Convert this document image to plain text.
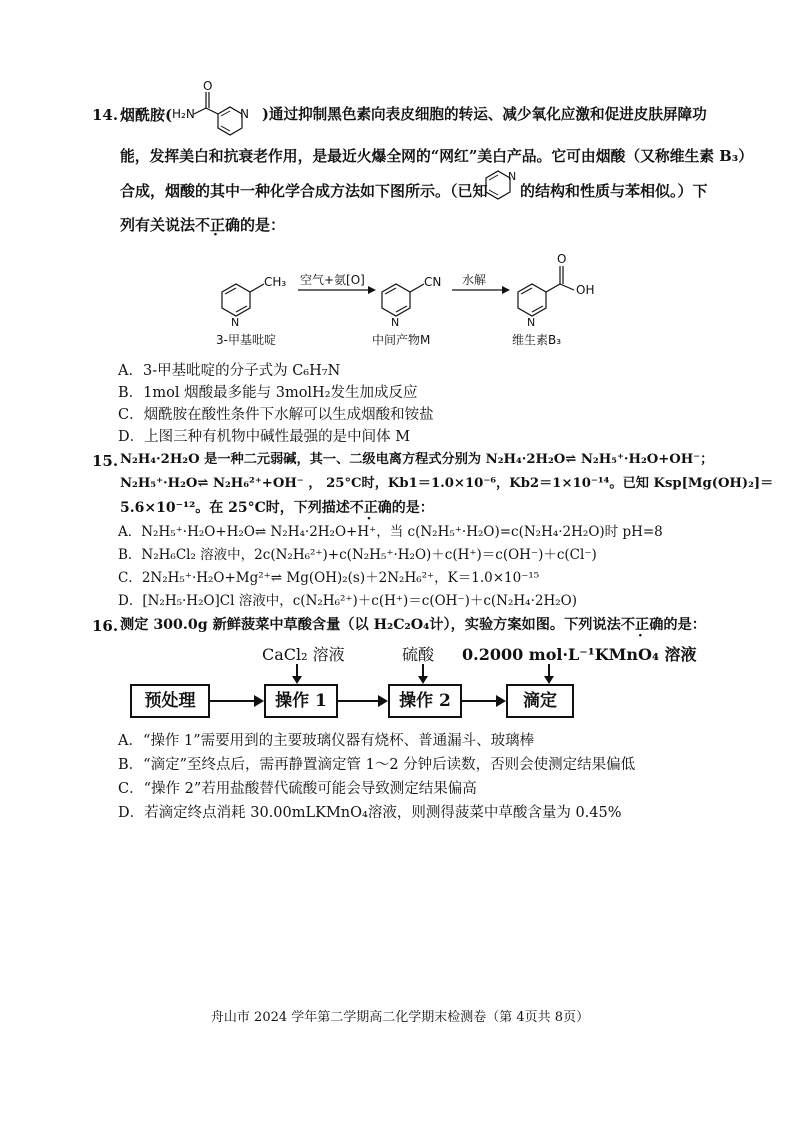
14. 烟酰胺( H₂N
O
N )通过抑制黑色素向表皮细胞的转运、减少氧化应激和促进皮肤屏障功
能，发挥美白和抗衰老作用，是最近火爆全网的“网红”美白产品。它可由烟酸（又称维生素 B₃）
合成，烟酸的其中一种化学合成方法如下图所示。（已知
N
的结构和性质与苯相似。）下
列有关说法不正确的是：
CH₃
N
空气+氨[O]	CN
N
水解
O
OH
N
3-甲基吡啶	中间产物M	维生素B₃
A．3-甲基吡啶的分子式为 C₆H₇N
B．1mol 烟酸最多能与 3molH₂发生加成反应
C．烟酰胺在酸性条件下水解可以生成烟酸和铵盐
D．上图三种有机物中碱性最强的是中间体 M
15. N₂H₄·2H₂O 是一种二元弱碱，其一、二级电离方程式分别为 N₂H₄·2H₂O⇌ N₂H₅⁺·H₂O+OH⁻；
N₂H₅⁺·H₂O⇌ N₂H₆²⁺+OH⁻ ， 25°C时，Kb1＝1.0×10⁻⁶，Kb2＝1×10⁻¹⁴。已知 Ksp[Mg(OH)₂]＝
5.6×10⁻¹²。在 25°C时，下列描述不正确的是：
A．N₂H₅⁺·H₂O+H₂O⇌ N₂H₄·2H₂O+H⁺，当 c(N₂H₅⁺·H₂O)=c(N₂H₄·2H₂O)时 pH=8
B．N₂H₆Cl₂ 溶液中，2c(N₂H₆²⁺)+c(N₂H₅⁺·H₂O)＋c(H⁺)＝c(OH⁻)＋c(Cl⁻)
C．2N₂H₅⁺·H₂O+Mg²⁺⇌ Mg(OH)₂(s)＋2N₂H₆²⁺，K＝1.0×10⁻¹⁵
D．[N₂H₅·H₂O]Cl 溶液中，c(N₂H₆²⁺)＋c(H⁺)＝c(OH⁻)＋c(N₂H₄·2H₂O)
16. 测定 300.0g 新鲜菠菜中草酸含量（以 H₂C₂O₄计），实验方案如图。下列说法不正确的是：
CaCl₂ 溶液	硫酸 0.2000 mol·L⁻¹KMnO₄ 溶液
预处理	操作 1	操作 2	滴定
A．“操作 1”需要用到的主要玻璃仪器有烧杯、普通漏斗、玻璃棒
B．“滴定”至终点后，需再静置滴定管 1～2 分钟后读数，否则会使测定结果偏低
C．“操作 2”若用盐酸替代硫酸可能会导致测定结果偏高
D．若滴定终点消耗 30.00mLKMnO₄溶液，则测得菠菜中草酸含量为 0.45%
舟山市 2024 学年第二学期高二化学期末检测卷（第 4页共 8页）
